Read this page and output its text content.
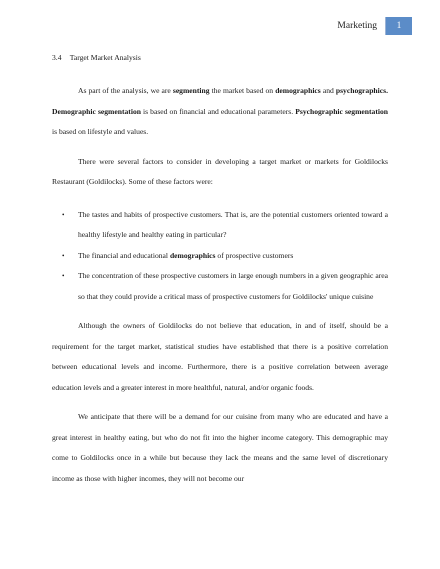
Marketing	1
3.4 Target Market Analysis

As part of the analysis, we are segmenting the market based on demographics and psychographics. Demographic segmentation is based on financial and educational parameters. Psychographic segmentation is based on lifestyle and values.

There were several factors to consider in developing a target market or markets for Goldilocks Restaurant (Goldilocks). Some of these factors were:

• The tastes and habits of prospective customers. That is, are the potential customers oriented toward a healthy lifestyle and healthy eating in particular?
• The financial and educational demographics of prospective customers
• The concentration of these prospective customers in large enough numbers in a given geographic area so that they could provide a critical mass of prospective customers for Goldilocks' unique cuisine

Although the owners of Goldilocks do not believe that education, in and of itself, should be a requirement for the target market, statistical studies have established that there is a positive correlation between educational levels and income. Furthermore, there is a positive correlation between average education levels and a greater interest in more healthful, natural, and/or organic foods.

We anticipate that there will be a demand for our cuisine from many who are educated and have a great interest in healthy eating, but who do not fit into the higher income category. This demographic may come to Goldilocks once in a while but because they lack the means and the same level of discretionary income as those with higher incomes, they will not become our
